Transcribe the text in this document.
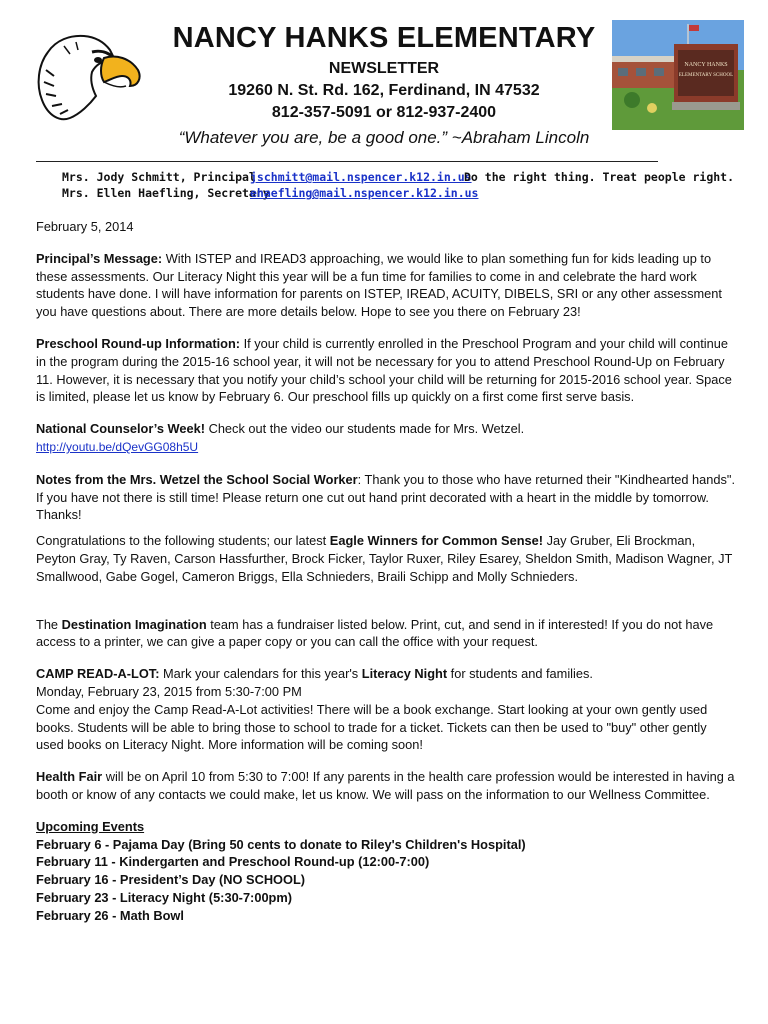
NANCY HANKS ELEMENTARY
NEWSLETTER
19260 N. St. Rd. 162, Ferdinand, IN 47532
812-357-5091 or 812-937-2400
“Whatever you are, be a good one.” ~Abraham Lincoln
NANCY HANKS
ELEMENTARY SCHOOL
Mrs. Jody Schmitt, Principaljschmitt@mail.nspencer.k12.in.usDo the right thing. Treat people right.
Mrs. Ellen Haefling, Secretaryehaefling@mail.nspencer.k12.in.us

February 5, 2014

Principal’s Message: With ISTEP and IREAD3 approaching, we would like to plan something fun for kids leading up to these assessments. Our Literacy Night this year will be a fun time for families to come in and celebrate the hard work students have done. I will have information for parents on ISTEP, IREAD, ACUITY, DIBELS, SRI or any other assessment you have questions about. There are more details below. Hope to see you there on February 23!

Preschool Round-up Information: If your child is currently enrolled in the Preschool Program and your child will continue in the program during the 2015-16 school year, it will not be necessary for you to attend Preschool Round-Up on February 11. However, it is necessary that you notify your child’s school your child will be returning for 2015-2016 school year. Space is limited, please let us know by February 6. Our preschool fills up quickly on a first come first serve basis.

National Counselor’s Week! Check out the video our students made for Mrs. Wetzel.

http://youtu.be/dQevGG08h5U

Notes from the Mrs. Wetzel the School Social Worker: Thank you to those who have returned their "Kindhearted hands". If you have not there is still time! Please return one cut out hand print decorated with a heart in the middle by tomorrow. Thanks!

Congratulations to the following students; our latest Eagle Winners for Common Sense! Jay Gruber, Eli Brockman, Peyton Gray, Ty Raven, Carson Hassfurther, Brock Ficker, Taylor Ruxer, Riley Esarey, Sheldon Smith, Madison Wagner, JT Smallwood, Gabe Gogel, Cameron Briggs, Ella Schnieders, Braili Schipp and Molly Schnieders.

The Destination Imagination team has a fundraiser listed below. Print, cut, and send in if interested! If you do not have access to a printer, we can give a paper copy or you can call the office with your request.

CAMP READ-A-LOT: Mark your calendars for this year's Literacy Night for students and families.

Monday, February 23, 2015 from 5:30-7:00 PM

Come and enjoy the Camp Read-A-Lot activities! There will be a book exchange. Start looking at your own gently used books. Students will be able to bring those to school to trade for a ticket. Tickets can then be used to "buy" other gently used books on Literacy Night. More information will be coming soon!

Health Fair will be on April 10 from 5:30 to 7:00! If any parents in the health care profession would be interested in having a booth or know of any contacts we could make, let us know. We will pass on the information to our Wellness Committee.

Upcoming Events

February 6 - Pajama Day (Bring 50 cents to donate to Riley's Children's Hospital)

February 11 - Kindergarten and Preschool Round-up (12:00-7:00)

February 16 - President’s Day (NO SCHOOL)

February 23 - Literacy Night (5:30-7:00pm)

February 26 - Math Bowl
